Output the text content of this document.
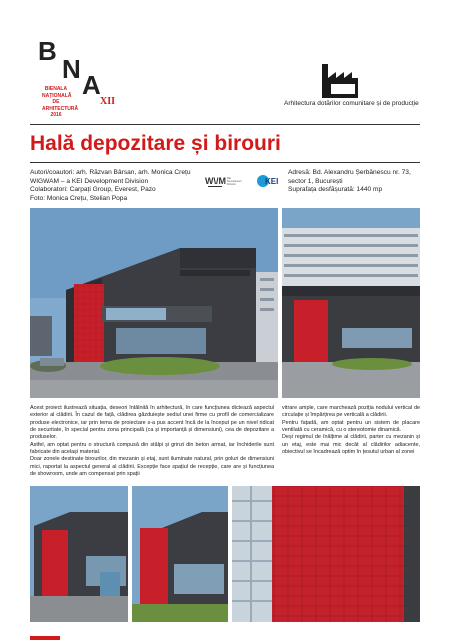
B
N
A
BIENALA
NAȚIONALĂ
DE
ARHITECTURĂ
2016
XII	Arhitectura dotărilor comunitare și de producție
Hală depozitare și birouri
Autori/coautori: arh. Răzvan Bârsan, arh. Monica Crețu
WIGWAM – a KEI Development Division
Colaboratori: Carpați Group, Everest, Pazo
Foto: Monica Crețu, Stelian Popa
W\/M KEI
Development
Division	KEI
Adresă: Bd. Alexandru Șerbănescu nr. 73,
sector 1, București
Suprafața desfășurată: 1440 mp

Acest proiect ilustrează situația, deseori întâlnită în arhitectură, în care funcțiunea dictează aspectul exterior al clădirii. În cazul de față, clădirea găzduiește sediul unei firme cu profil de comercializare produse electronice, iar prin tema de proiectare s-a pus accent încă de la început pe un nivel ridicat de securitate, în special pentru zona principală (ca și importanță și dimensiuni), cea de depozitare a produselor.

Astfel, am optat pentru o structură compusă din stâlpi și grinzi din beton armat, iar închiderile sunt fabricate din același material.

Doar zonele destinate birourilor, din mezanin și etaj, sunt iluminate natural, prin goluri de dimensiuni mici, raportat la aspectul general al clădirii. Excepție face spațiul de recepție, care are și funcțiunea de showroom, unde am compensat prin spații

vitrare ample, care marchează poziția nodului vertical de circulație și împărțirea pe verticală a clădirii.

Pentru fațadă, am optat pentru un sistem de placare ventilată cu ceramică, cu o stereotomie dinamică.

Deși regimul de înălțime al clădirii, parter cu mezanin și un etaj, este mai mic decât al clădirilor adiacente, obiectivul se încadrează optim în țesutul urban al zonei
